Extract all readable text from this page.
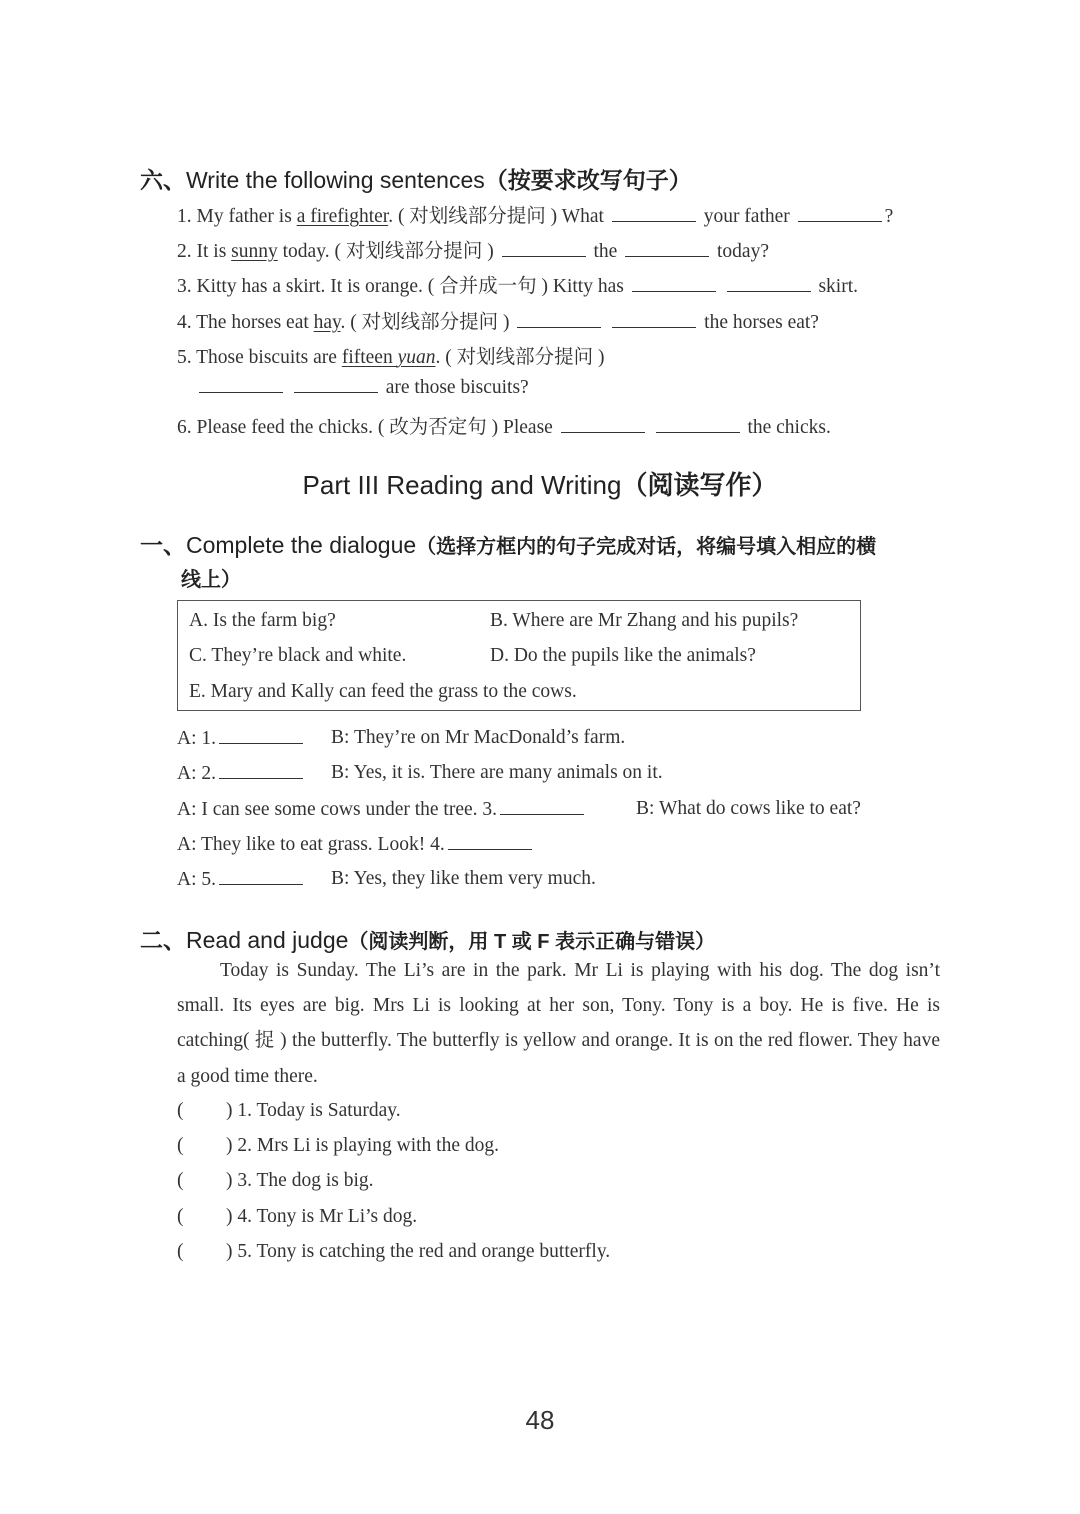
六、Write the following sentences（按要求改写句子）
1. My father is a firefighter. ( 对划线部分提问 ) What	your father	?
2. It is sunny today. ( 对划线部分提问 )	the	today?
3. Kitty has a skirt. It is orange. ( 合并成一句 ) Kitty has	skirt.
4. The horses eat hay. ( 对划线部分提问 )	the horses eat?
5. Those biscuits are fifteen yuan. ( 对划线部分提问 )
are those biscuits?
6. Please feed the chicks. ( 改为否定句 ) Please	the chicks.
Part III Reading and Writing（阅读写作）
一、Complete the dialogue（选择方框内的句子完成对话，将编号填入相应的横
线上）
A. Is the farm big?	B. Where are Mr Zhang and his pupils?
C. They’re black and white.	D. Do the pupils like the animals?
E. Mary and Kally can feed the grass to the cows.
A: 1.	B: They’re on Mr MacDonald’s farm.
A: 2.	B: Yes, it is. There are many animals on it.
A: I can see some cows under the tree. 3.	B: What do cows like to eat?
A: They like to eat grass. Look! 4.
A: 5.	B: Yes, they like them very much.
二、Read and judge（阅读判断，用 T 或 F 表示正确与错误）

Today is Sunday. The Li’s are in the park. Mr Li is playing with his dog. The dog isn’t small. Its eyes are big. Mrs Li is looking at her son, Tony. Tony is a boy. He is five. He is catching( 捉 ) the butterfly. The butterfly is yellow and orange. It is on the red flower. They have a good time there.

( ) 1. Today is Saturday.
( ) 2. Mrs Li is playing with the dog.
( ) 3. The dog is big.
( ) 4. Tony is Mr Li’s dog.
( ) 5. Tony is catching the red and orange butterfly.
48
